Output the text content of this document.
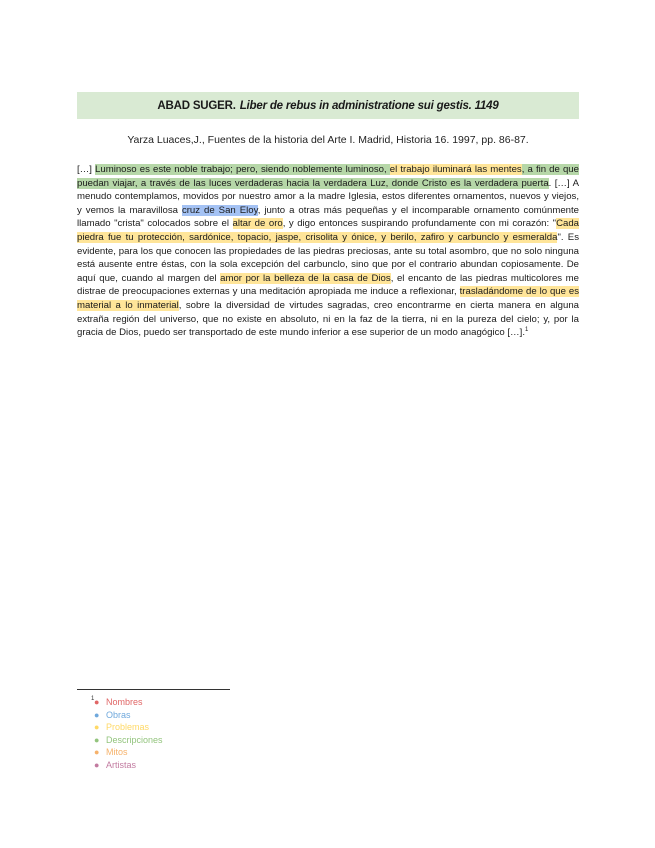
ABAD SUGER. Liber de rebus in administratione sui gestis. 1149
Yarza Luaces,J., Fuentes de la historia del Arte I. Madrid, Historia 16. 1997, pp. 86-87.
[…] Luminoso es este noble trabajo; pero, siendo noblemente luminoso, el trabajo iluminará las mentes, a fin de que puedan viajar, a través de las luces verdaderas hacia la verdadera Luz, donde Cristo es la verdadera puerta. […] A menudo contemplamos, movidos por nuestro amor a la madre Iglesia, estos diferentes ornamentos, nuevos y viejos, y vemos la maravillosa cruz de San Eloy, junto a otras más pequeñas y el incomparable ornamento comúnmente llamado "crista" colocados sobre el altar de oro, y digo entonces suspirando profundamente con mi corazón: "Cada piedra fue tu protección, sardónice, topacio, jaspe, crisolita y ónice, y berilo, zafiro y carbunclo y esmeralda". Es evidente, para los que conocen las propiedades de las piedras preciosas, ante su total asombro, que no solo ninguna está ausente entre éstas, con la sola excepción del carbunclo, sino que por el contrario abundan copiosamente. De aquí que, cuando al margen del amor por la belleza de la casa de Dios, el encanto de las piedras multicolores me distrae de preocupaciones externas y una meditación apropiada me induce a reflexionar, trasladándome de lo que es material a lo inmaterial, sobre la diversidad de virtudes sagradas, creo encontrarme en cierta manera en alguna extraña región del universo, que no existe en absoluto, ni en la faz de la tierra, ni en la pureza del cielo; y, por la gracia de Dios, puedo ser transportado de este mundo inferior a ese superior de un modo anagógico […].$^1$
1 ● Nombres
● Obras
● Problemas
● Descripciones
● Mitos
● Artistas
